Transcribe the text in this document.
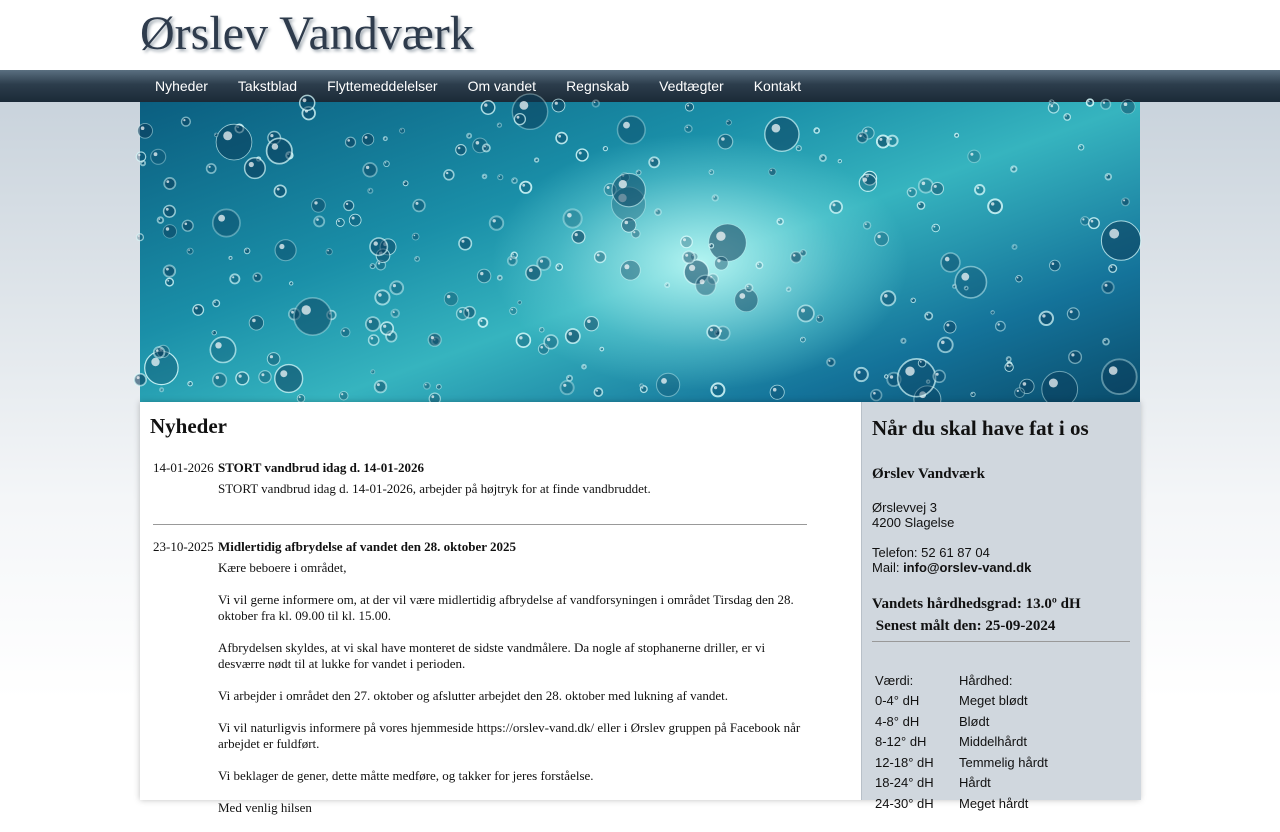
Ørslev Vandværk
Nyheder	Takstblad	Flyttemeddelelser	Om vandet	Regnskab	Vedtægter	Kontakt
Nyheder
14-01-2026 STORT vandbrud idag d. 14-01-2026

STORT vandbrud idag d. 14-01-2026, arbejder på højtryk for at finde vandbruddet.

23-10-2025 Midlertidig afbrydelse af vandet den 28. oktober 2025

Kære beboere i området,

Vi vil gerne informere om, at der vil være midlertidig afbrydelse af vandforsyningen i området Tirsdag den 28. oktober fra kl. 09.00 til kl. 15.00.

Afbrydelsen skyldes, at vi skal have monteret de sidste vandmålere. Da nogle af stophanerne driller, er vi desværre nødt til at lukke for vandet i perioden.

Vi arbejder i området den 27. oktober og afslutter arbejdet den 28. oktober med lukning af vandet.

Vi vil naturligvis informere på vores hjemmeside https://orslev-vand.dk/ eller i Ørslev gruppen på Facebook når arbejdet er fuldført.

Vi beklager de gener, dette måtte medføre, og takker for jeres forståelse.

Med venlig hilsen

Når du skal have fat i os
Ørslev Vandværk
Ørslevvej 3
4200 Slagelse
Telefon: 52 61 87 04
Mail: info@orslev-vand.dk
Vandets hårdhedsgrad: 13.0º dH
Senest målt den: 25-09-2024
Værdi:	Hårdhed:
0-4° dH	Meget blødt
4-8° dH	Blødt
8-12° dH	Middelhårdt
12-18° dH	Temmelig hårdt
18-24° dH	Hårdt
24-30° dH	Meget hårdt
